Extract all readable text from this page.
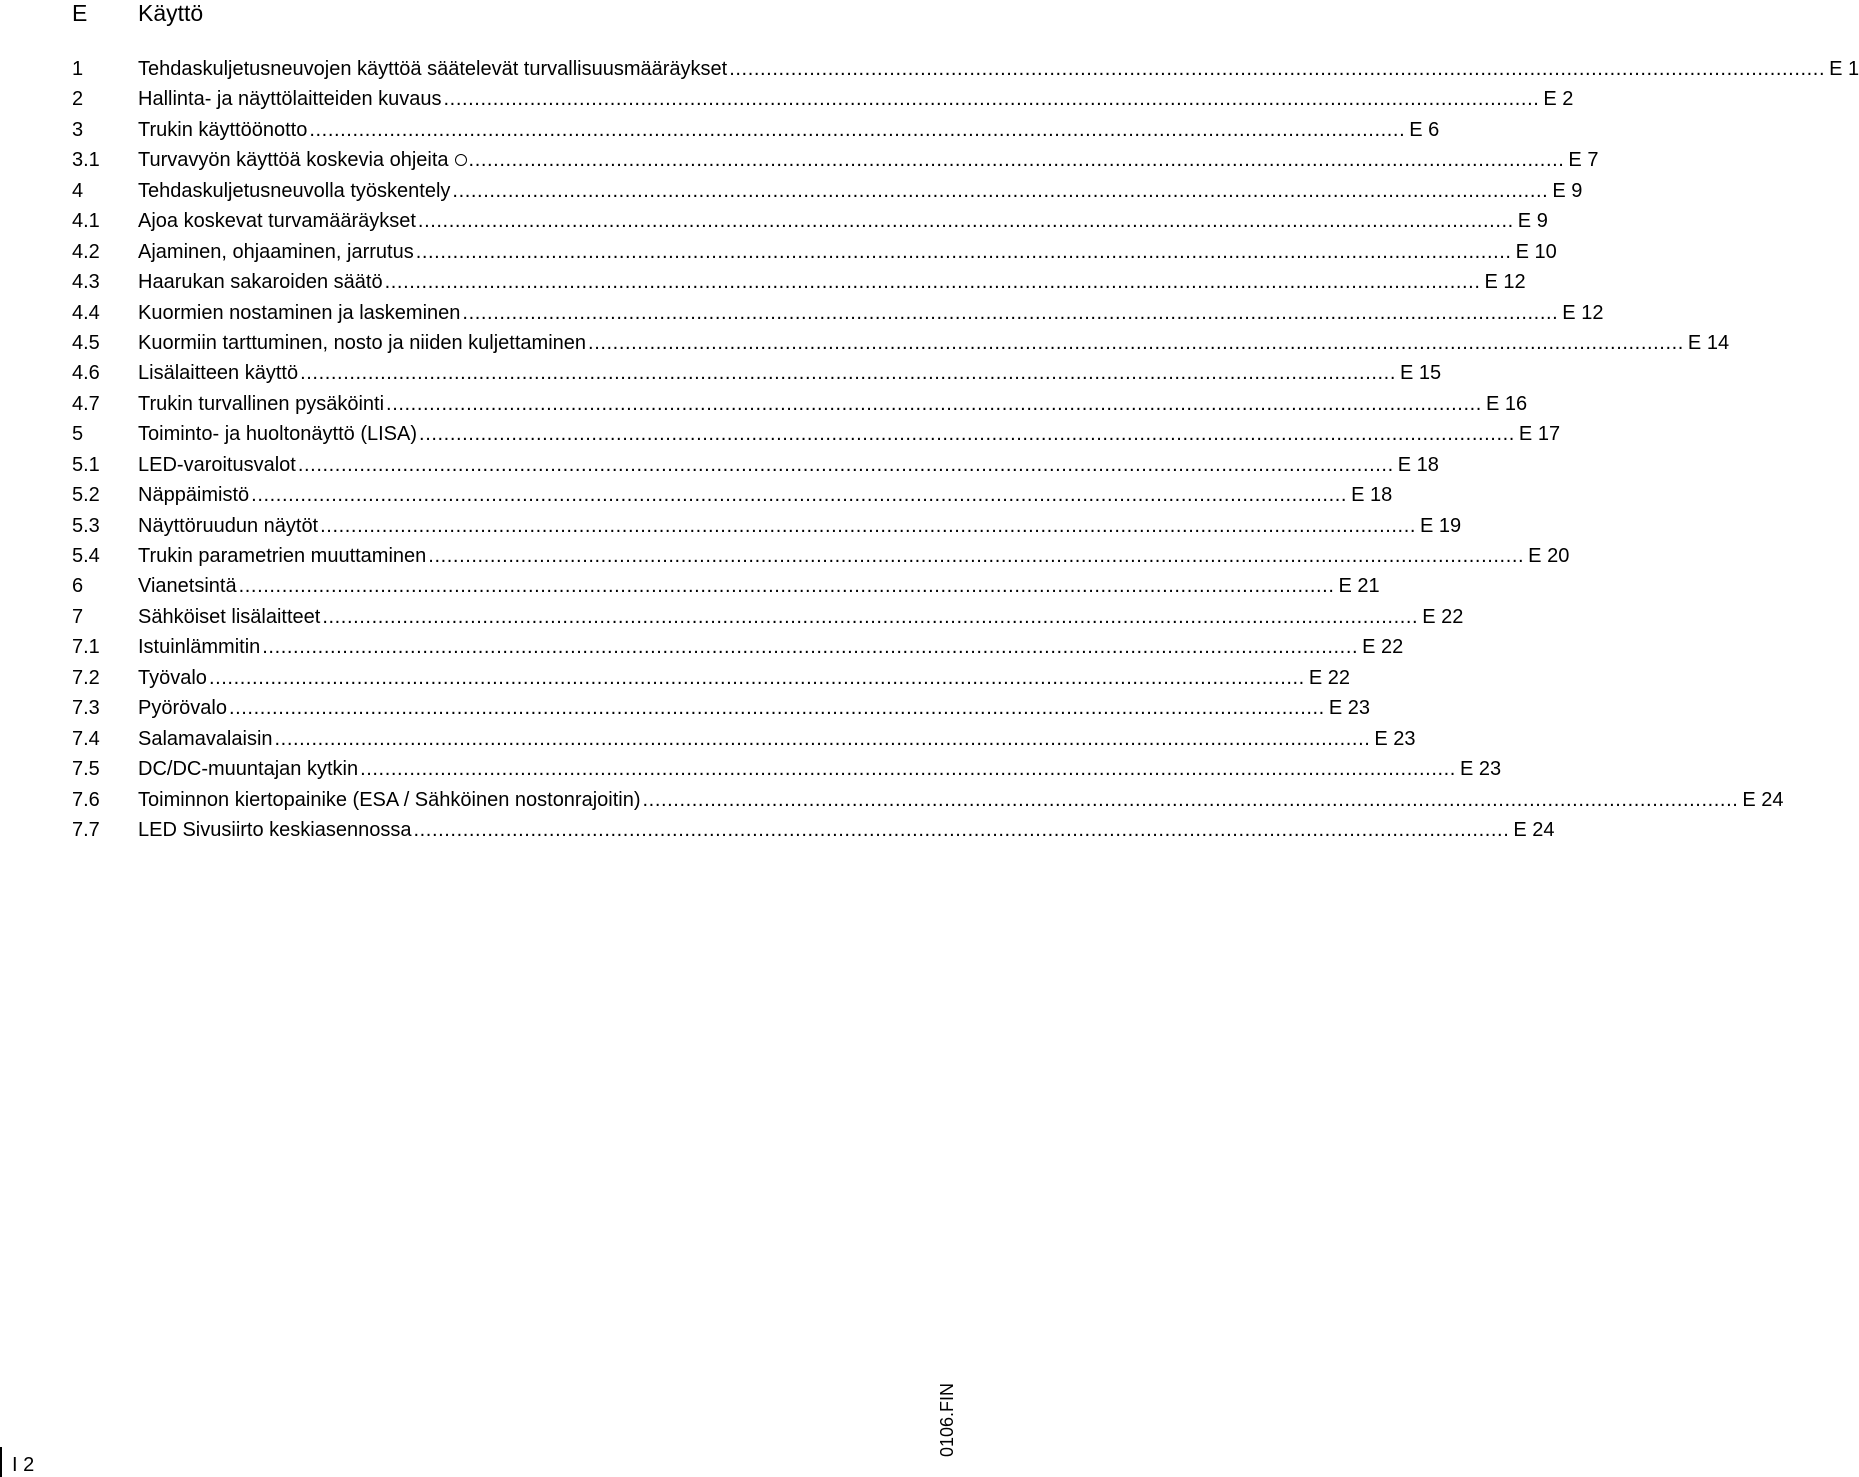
E Käyttö
1	Tehdaskuljetusneuvojen käyttöä säätelevät turvallisuusmääräykset .................................................................................................................................................................................. E 1
2	Hallinta- ja näyttölaitteiden kuvaus .................................................................................................................................................................................. E 2
3	Trukin käyttöönotto .................................................................................................................................................................................. E 6
3.1	Turvavyön käyttöä koskevia ohjeita	.................................................................................................................................................................................. E 7
4	Tehdaskuljetusneuvolla työskentely .................................................................................................................................................................................. E 9
4.1	Ajoa koskevat turvamääräykset .................................................................................................................................................................................. E 9
4.2	Ajaminen, ohjaaminen, jarrutus .................................................................................................................................................................................. E 10
4.3	Haarukan sakaroiden säätö .................................................................................................................................................................................. E 12
4.4	Kuormien nostaminen ja laskeminen .................................................................................................................................................................................. E 12
4.5	Kuormiin tarttuminen, nosto ja niiden kuljettaminen .................................................................................................................................................................................. E 14
4.6	Lisälaitteen käyttö .................................................................................................................................................................................. E 15
4.7	Trukin turvallinen pysäköinti .................................................................................................................................................................................. E 16
5	Toiminto- ja huoltonäyttö (LISA) .................................................................................................................................................................................. E 17
5.1	LED-varoitusvalot .................................................................................................................................................................................. E 18
5.2	Näppäimistö .................................................................................................................................................................................. E 18
5.3	Näyttöruudun näytöt .................................................................................................................................................................................. E 19
5.4	Trukin parametrien muuttaminen .................................................................................................................................................................................. E 20
6	Vianetsintä .................................................................................................................................................................................. E 21
7	Sähköiset lisälaitteet .................................................................................................................................................................................. E 22
7.1	Istuinlämmitin .................................................................................................................................................................................. E 22
7.2	Työvalo .................................................................................................................................................................................. E 22
7.3	Pyörövalo .................................................................................................................................................................................. E 23
7.4	Salamavalaisin .................................................................................................................................................................................. E 23
7.5	DC/DC-muuntajan kytkin .................................................................................................................................................................................. E 23
7.6	Toiminnon kiertopainike (ESA / Sähköinen nostonrajoitin) .................................................................................................................................................................................. E 24
7.7	LED Sivusiirto keskiasennossa .................................................................................................................................................................................. E 24
I 2
0106.FIN
